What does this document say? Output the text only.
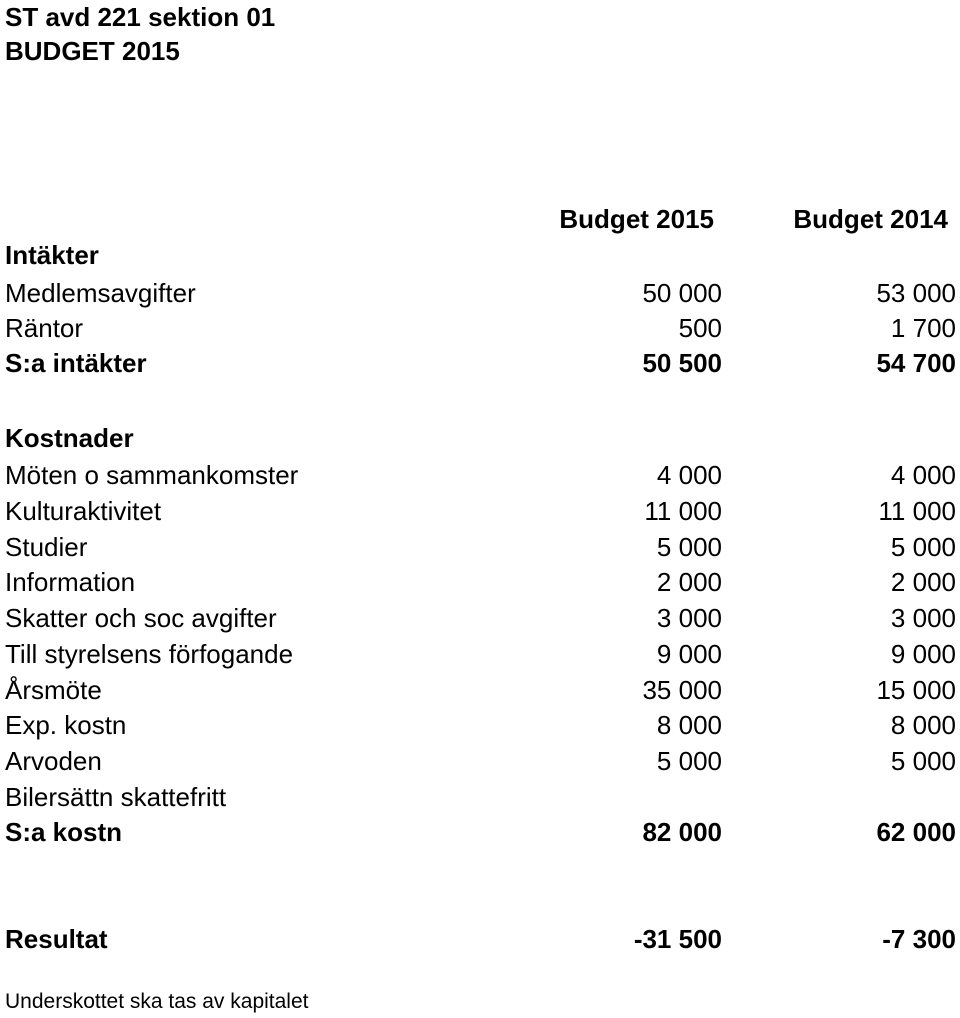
ST avd 221 sektion 01
BUDGET 2015
Budget 2015	Budget 2014
Intäkter
Medlemsavgifter	50 000	53 000
Räntor	500	1 700
S:a intäkter	50 500	54 700
Kostnader
Möten o sammankomster	4 000	4 000
Kulturaktivitet	11 000	11 000
Studier	5 000	5 000
Information	2 000	2 000
Skatter och soc avgifter	3 000	3 000
Till styrelsens förfogande	9 000	9 000
Årsmöte	35 000	15 000
Exp. kostn	8 000	8 000
Arvoden	5 000	5 000
Bilersättn skattefritt
S:a kostn	82 000	62 000
Resultat	-31 500	-7 300
Underskottet ska tas av kapitalet
